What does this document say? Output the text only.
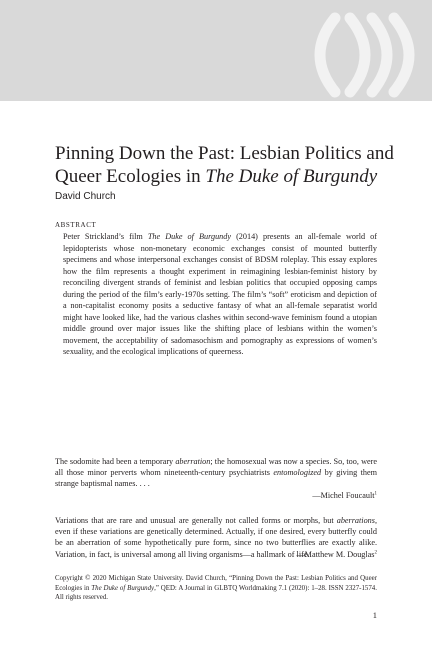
Pinning Down the Past: Lesbian Politics and
Queer Ecologies in The Duke of Burgundy
David Church
ABSTRACT

Peter Strickland’s film The Duke of Burgundy (2014) presents an all-female world of lepidopterists whose non-monetary economic exchanges consist of mounted butterfly specimens and whose interpersonal exchanges consist of BDSM roleplay. This essay explores how the film represents a thought experiment in reimagining lesbian-feminist history by reconciling divergent strands of feminist and lesbian politics that occupied opposing camps during the period of the film’s early-1970s setting. The film’s “soft” eroticism and depiction of a non-capitalist economy posits a seductive fantasy of what an all-female separatist world might have looked like, had the various clashes within second-wave feminism found a utopian middle ground over major issues like the shifting place of lesbians within the women’s movement, the acceptability of sadomasochism and pornography as expressions of women’s sexuality, and the ecological implications of queerness.

The sodomite had been a temporary aberration; the homosexual was now a species. So, too, were all those minor perverts whom nineteenth-century psychiatrists entomologized by giving them strange baptismal names. . . .

—Michel Foucault$^1$

Variations that are rare and unusual are generally not called forms or morphs, but aberrations, even if these variations are genetically determined. Actually, if one desired, every butterfly could be an aberration of some hypothetically pure form, since no two butterflies are exactly alike. Variation, in fact, is universal among all living organisms—a hallmark of life.

—Matthew M. Douglas$^2$

Copyright © 2020 Michigan State University. David Church, “Pinning Down the Past: Lesbian Politics and Queer Ecologies in The Duke of Burgundy,” QED: A Journal in GLBTQ Worldmaking 7.1 (2020): 1–28. ISSN 2327-1574. All rights reserved.

1
